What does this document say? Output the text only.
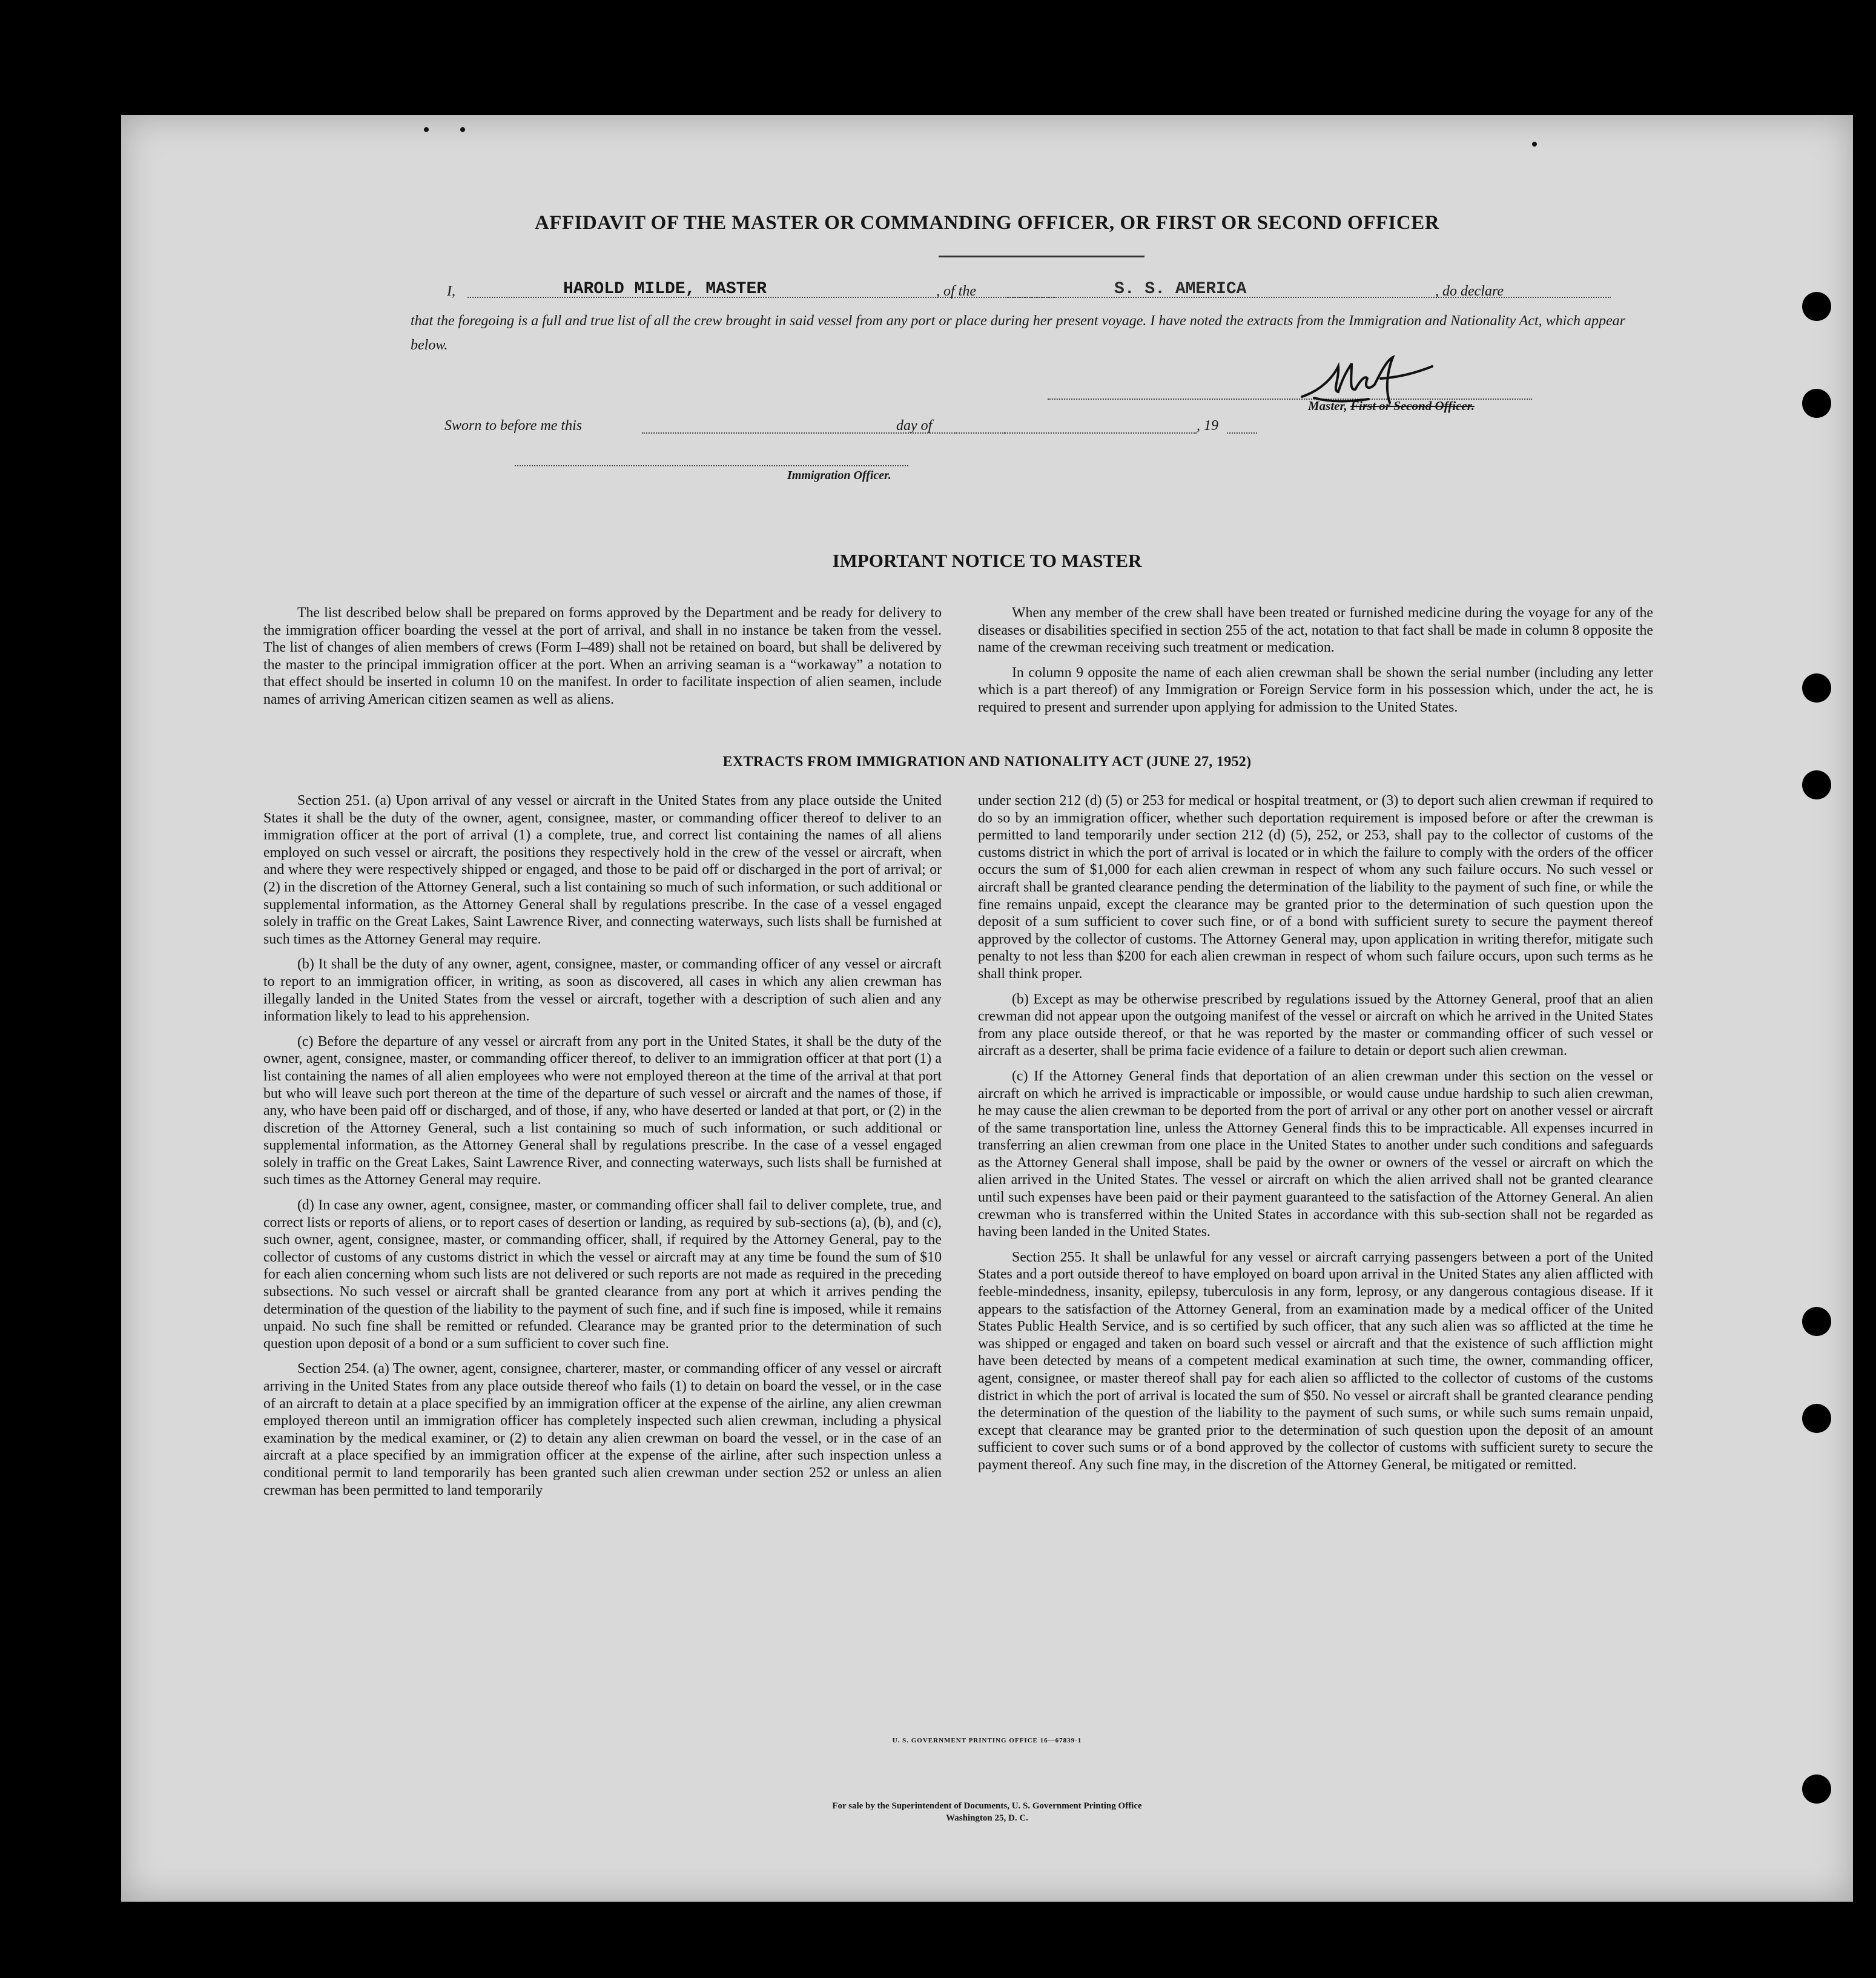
AFFIDAVIT OF THE MASTER OR COMMANDING OFFICER, OR FIRST OR SECOND OFFICER
I,	HAROLD MILDE, MASTER	, of the	S. S. AMERICA	, do declare
that the foregoing is a full and true list of all the crew brought in said vessel from any port or place during her present voyage. I have noted the extracts from the Immigration and Nationality Act, which appear below.
Master, First or Second Officer.
Sworn to before me this	day of	, 19
Immigration Officer.
IMPORTANT NOTICE TO MASTER

The list described below shall be prepared on forms approved by the Department and be ready for delivery to the immigration officer boarding the vessel at the port of arrival, and shall in no instance be taken from the vessel. The list of changes of alien members of crews (Form I–489) shall not be retained on board, but shall be delivered by the master to the principal immigration officer at the port. When an arriving seaman is a “workaway” a notation to that effect should be inserted in column 10 on the manifest. In order to facilitate inspection of alien seamen, include names of arriving American citizen seamen as well as aliens.

When any member of the crew shall have been treated or furnished medicine during the voyage for any of the diseases or disabilities specified in section 255 of the act, notation to that fact shall be made in column 8 opposite the name of the crewman receiving such treatment or medication.

In column 9 opposite the name of each alien crewman shall be shown the serial number (including any letter which is a part thereof) of any Immigration or Foreign Service form in his possession which, under the act, he is required to present and surrender upon applying for admission to the United States.

EXTRACTS FROM IMMIGRATION AND NATIONALITY ACT (JUNE 27, 1952)

Section 251. (a) Upon arrival of any vessel or aircraft in the United States from any place outside the United States it shall be the duty of the owner, agent, consignee, master, or commanding officer thereof to deliver to an immigration officer at the port of arrival (1) a complete, true, and correct list containing the names of all aliens employed on such vessel or aircraft, the positions they respectively hold in the crew of the vessel or aircraft, when and where they were respectively shipped or engaged, and those to be paid off or discharged in the port of arrival; or (2) in the discretion of the Attorney General, such a list containing so much of such information, or such additional or supplemental information, as the Attorney General shall by regulations prescribe. In the case of a vessel engaged solely in traffic on the Great Lakes, Saint Lawrence River, and connecting waterways, such lists shall be furnished at such times as the Attorney General may require.

(b) It shall be the duty of any owner, agent, consignee, master, or commanding officer of any vessel or aircraft to report to an immigration officer, in writing, as soon as discovered, all cases in which any alien crewman has illegally landed in the United States from the vessel or aircraft, together with a description of such alien and any information likely to lead to his apprehension.

(c) Before the departure of any vessel or aircraft from any port in the United States, it shall be the duty of the owner, agent, consignee, master, or commanding officer thereof, to deliver to an immigration officer at that port (1) a list containing the names of all alien employees who were not employed thereon at the time of the arrival at that port but who will leave such port thereon at the time of the departure of such vessel or aircraft and the names of those, if any, who have been paid off or discharged, and of those, if any, who have deserted or landed at that port, or (2) in the discretion of the Attorney General, such a list containing so much of such information, or such additional or supplemental information, as the Attorney General shall by regulations prescribe. In the case of a vessel engaged solely in traffic on the Great Lakes, Saint Lawrence River, and connecting waterways, such lists shall be furnished at such times as the Attorney General may require.

(d) In case any owner, agent, consignee, master, or commanding officer shall fail to deliver complete, true, and correct lists or reports of aliens, or to report cases of desertion or landing, as required by sub-sections (a), (b), and (c), such owner, agent, consignee, master, or commanding officer, shall, if required by the Attorney General, pay to the collector of customs of any customs district in which the vessel or aircraft may at any time be found the sum of $10 for each alien concerning whom such lists are not delivered or such reports are not made as required in the preceding subsections. No such vessel or aircraft shall be granted clearance from any port at which it arrives pending the determination of the question of the liability to the payment of such fine, and if such fine is imposed, while it remains unpaid. No such fine shall be remitted or refunded. Clearance may be granted prior to the determination of such question upon deposit of a bond or a sum sufficient to cover such fine.

Section 254. (a) The owner, agent, consignee, charterer, master, or commanding officer of any vessel or aircraft arriving in the United States from any place outside thereof who fails (1) to detain on board the vessel, or in the case of an aircraft to detain at a place specified by an immigration officer at the expense of the airline, any alien crewman employed thereon until an immigration officer has completely inspected such alien crewman, including a physical examination by the medical examiner, or (2) to detain any alien crewman on board the vessel, or in the case of an aircraft at a place specified by an immigration officer at the expense of the airline, after such inspection unless a conditional permit to land temporarily has been granted such alien crewman under section 252 or unless an alien crewman has been permitted to land temporarily

under section 212 (d) (5) or 253 for medical or hospital treatment, or (3) to deport such alien crewman if required to do so by an immigration officer, whether such deportation requirement is imposed before or after the crewman is permitted to land temporarily under section 212 (d) (5), 252, or 253, shall pay to the collector of customs of the customs district in which the port of arrival is located or in which the failure to comply with the orders of the officer occurs the sum of $1,000 for each alien crewman in respect of whom any such failure occurs. No such vessel or aircraft shall be granted clearance pending the determination of the liability to the payment of such fine, or while the fine remains unpaid, except the clearance may be granted prior to the determination of such question upon the deposit of a sum sufficient to cover such fine, or of a bond with sufficient surety to secure the payment thereof approved by the collector of customs. The Attorney General may, upon application in writing therefor, mitigate such penalty to not less than $200 for each alien crewman in respect of whom such failure occurs, upon such terms as he shall think proper.

(b) Except as may be otherwise prescribed by regulations issued by the Attorney General, proof that an alien crewman did not appear upon the outgoing manifest of the vessel or aircraft on which he arrived in the United States from any place outside thereof, or that he was reported by the master or commanding officer of such vessel or aircraft as a deserter, shall be prima facie evidence of a failure to detain or deport such alien crewman.

(c) If the Attorney General finds that deportation of an alien crewman under this section on the vessel or aircraft on which he arrived is impracticable or impossible, or would cause undue hardship to such alien crewman, he may cause the alien crewman to be deported from the port of arrival or any other port on another vessel or aircraft of the same transportation line, unless the Attorney General finds this to be impracticable. All expenses incurred in transferring an alien crewman from one place in the United States to another under such conditions and safeguards as the Attorney General shall impose, shall be paid by the owner or owners of the vessel or aircraft on which the alien arrived in the United States. The vessel or aircraft on which the alien arrived shall not be granted clearance until such expenses have been paid or their payment guaranteed to the satisfaction of the Attorney General. An alien crewman who is transferred within the United States in accordance with this sub-section shall not be regarded as having been landed in the United States.

Section 255. It shall be unlawful for any vessel or aircraft carrying passengers between a port of the United States and a port outside thereof to have employed on board upon arrival in the United States any alien afflicted with feeble-mindedness, insanity, epilepsy, tuberculosis in any form, leprosy, or any dangerous contagious disease. If it appears to the satisfaction of the Attorney General, from an examination made by a medical officer of the United States Public Health Service, and is so certified by such officer, that any such alien was so afflicted at the time he was shipped or engaged and taken on board such vessel or aircraft and that the existence of such affliction might have been detected by means of a competent medical examination at such time, the owner, commanding officer, agent, consignee, or master thereof shall pay for each alien so afflicted to the collector of customs of the customs district in which the port of arrival is located the sum of $50. No vessel or aircraft shall be granted clearance pending the determination of the question of the liability to the payment of such sums, or while such sums remain unpaid, except that clearance may be granted prior to the determination of such question upon the deposit of an amount sufficient to cover such sums or of a bond approved by the collector of customs with sufficient surety to secure the payment thereof. Any such fine may, in the discretion of the Attorney General, be mitigated or remitted.

U. S. GOVERNMENT PRINTING OFFICE 16—67839-1
For sale by the Superintendent of Documents, U. S. Government Printing Office
Washington 25, D. C.
